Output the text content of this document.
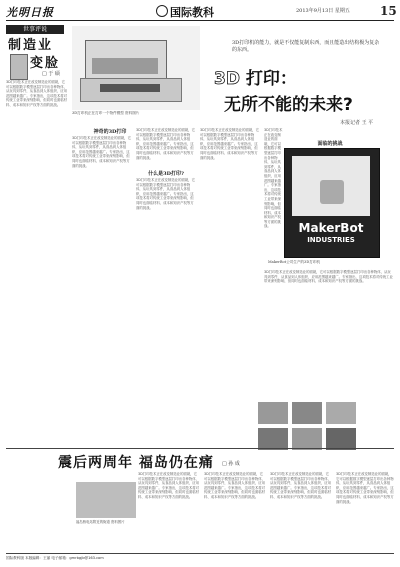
光明日报	国际教科	2013年9月13日 星期五	15
世事评说
制造业
变脸
□ 于 硕
3D打印技术正在改变制造业的面貌，它可以根据数字模型逐层打印出各种物体，从玩具到零件，从食品到人体组织，应用范围越来越广。专家指出，这项技术将对传统工业带来深刻影响，但同时也面临材料、成本和知识产权等方面的挑战。
3D打印机正在打印一个物件模型 资料图片
3D打印机的能力，就是不仅能复制东西，而且能造出结构极为复杂的东西。
3D 打印：
无所不能的未来?
本报记者 王 平
神奇的3D打印
3D打印技术正在改变制造业的面貌，它可以根据数字模型逐层打印出各种物体，从玩具到零件，从食品到人体组织，应用范围越来越广。专家指出，这项技术将对传统工业带来深刻影响，但同时也面临材料、成本和知识产权等方面的挑战。
3D打印技术正在改变制造业的面貌，它可以根据数字模型逐层打印出各种物体，从玩具到零件，从食品到人体组织，应用范围越来越广。专家指出，这项技术将对传统工业带来深刻影响，但同时也面临材料、成本和知识产权等方面的挑战。
什么是3D打印?
3D打印技术正在改变制造业的面貌，它可以根据数字模型逐层打印出各种物体，从玩具到零件，从食品到人体组织，应用范围越来越广。专家指出，这项技术将对传统工业带来深刻影响，但同时也面临材料、成本和知识产权等方面的挑战。
3D打印技术正在改变制造业的面貌，它可以根据数字模型逐层打印出各种物体，从玩具到零件，从食品到人体组织，应用范围越来越广。专家指出，这项技术将对传统工业带来深刻影响，但同时也面临材料、成本和知识产权等方面的挑战。
3D打印技术正在改变制造业的面貌，它可以根据数字模型逐层打印出各种物体，从玩具到零件，从食品到人体组织，应用范围越来越广。专家指出，这项技术将对传统工业带来深刻影响，但同时也面临材料、成本和知识产权等方面的挑战。
面临的挑战
MakerBot
INDUSTRIES
MakerBot公司生产的3D打印机
3D打印技术正在改变制造业的面貌，它可以根据数字模型逐层打印出各种物体，从玩具到零件，从食品到人体组织，应用范围越来越广。专家指出，这项技术将对传统工业带来深刻影响，但同时也面临材料、成本和知识产权等方面的挑战。
震后两周年 福岛仍在痛 □ 孙 成
福岛核电站附近的街道 资料图片
3D打印技术正在改变制造业的面貌，它可以根据数字模型逐层打印出各种物体，从玩具到零件，从食品到人体组织，应用范围越来越广。专家指出，这项技术将对传统工业带来深刻影响，但同时也面临材料、成本和知识产权等方面的挑战。
3D打印技术正在改变制造业的面貌，它可以根据数字模型逐层打印出各种物体，从玩具到零件，从食品到人体组织，应用范围越来越广。专家指出，这项技术将对传统工业带来深刻影响，但同时也面临材料、成本和知识产权等方面的挑战。
3D打印技术正在改变制造业的面貌，它可以根据数字模型逐层打印出各种物体，从玩具到零件，从食品到人体组织，应用范围越来越广。专家指出，这项技术将对传统工业带来深刻影响，但同时也面临材料、成本和知识产权等方面的挑战。
3D打印技术正在改变制造业的面貌，它可以根据数字模型逐层打印出各种物体，从玩具到零件，从食品到人体组织，应用范围越来越广。专家指出，这项技术将对传统工业带来深刻影响，但同时也面临材料、成本和知识产权等方面的挑战。
国际教科版 本版编辑：王丽 电子邮箱：gmrbgjb@163.com
